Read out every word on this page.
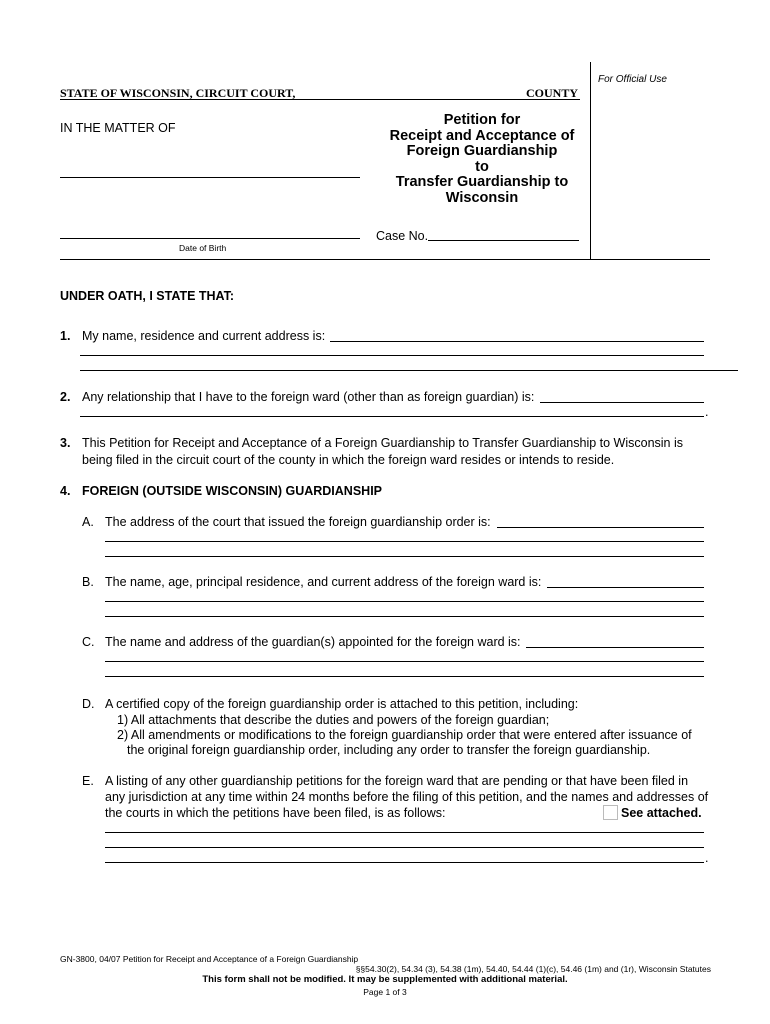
For Official Use
STATE OF WISCONSIN, CIRCUIT COURT,	COUNTY
IN THE MATTER OF
Date of Birth
Petition for
Receipt and Acceptance of
Foreign Guardianship
to
Transfer Guardianship to
Wisconsin
Case No.
UNDER OATH, I STATE THAT:
1. My name, residence and current address is:
2. Any relationship that I have to the foreign ward (other than as foreign guardian) is:
.
3. This Petition for Receipt and Acceptance of a Foreign Guardianship to Transfer Guardianship to Wisconsin is
being filed in the circuit court of the county in which the foreign ward resides or intends to reside.
4. FOREIGN (OUTSIDE WISCONSIN) GUARDIANSHIP
A. The address of the court that issued the foreign guardianship order is:
B. The name, age, principal residence, and current address of the foreign ward is:
C. The name and address of the guardian(s) appointed for the foreign ward is:
D. A certified copy of the foreign guardianship order is attached to this petition, including:
1) All attachments that describe the duties and powers of the foreign guardian;
2) All amendments or modifications to the foreign guardianship order that were entered after issuance of
the original foreign guardianship order, including any order to transfer the foreign guardianship.
E. A listing of any other guardianship petitions for the foreign ward that are pending or that have been filed in
any jurisdiction at any time within 24 months before the filing of this petition, and the names and addresses of
the courts in which the petitions have been filed, is as follows:	See attached.
.
GN-3800, 04/07 Petition for Receipt and Acceptance of a Foreign Guardianship
§§54.30(2), 54.34 (3), 54.38 (1m), 54.40, 54.44 (1)(c), 54.46 (1m) and (1r), Wisconsin Statutes
This form shall not be modified. It may be supplemented with additional material.
Page 1 of 3
